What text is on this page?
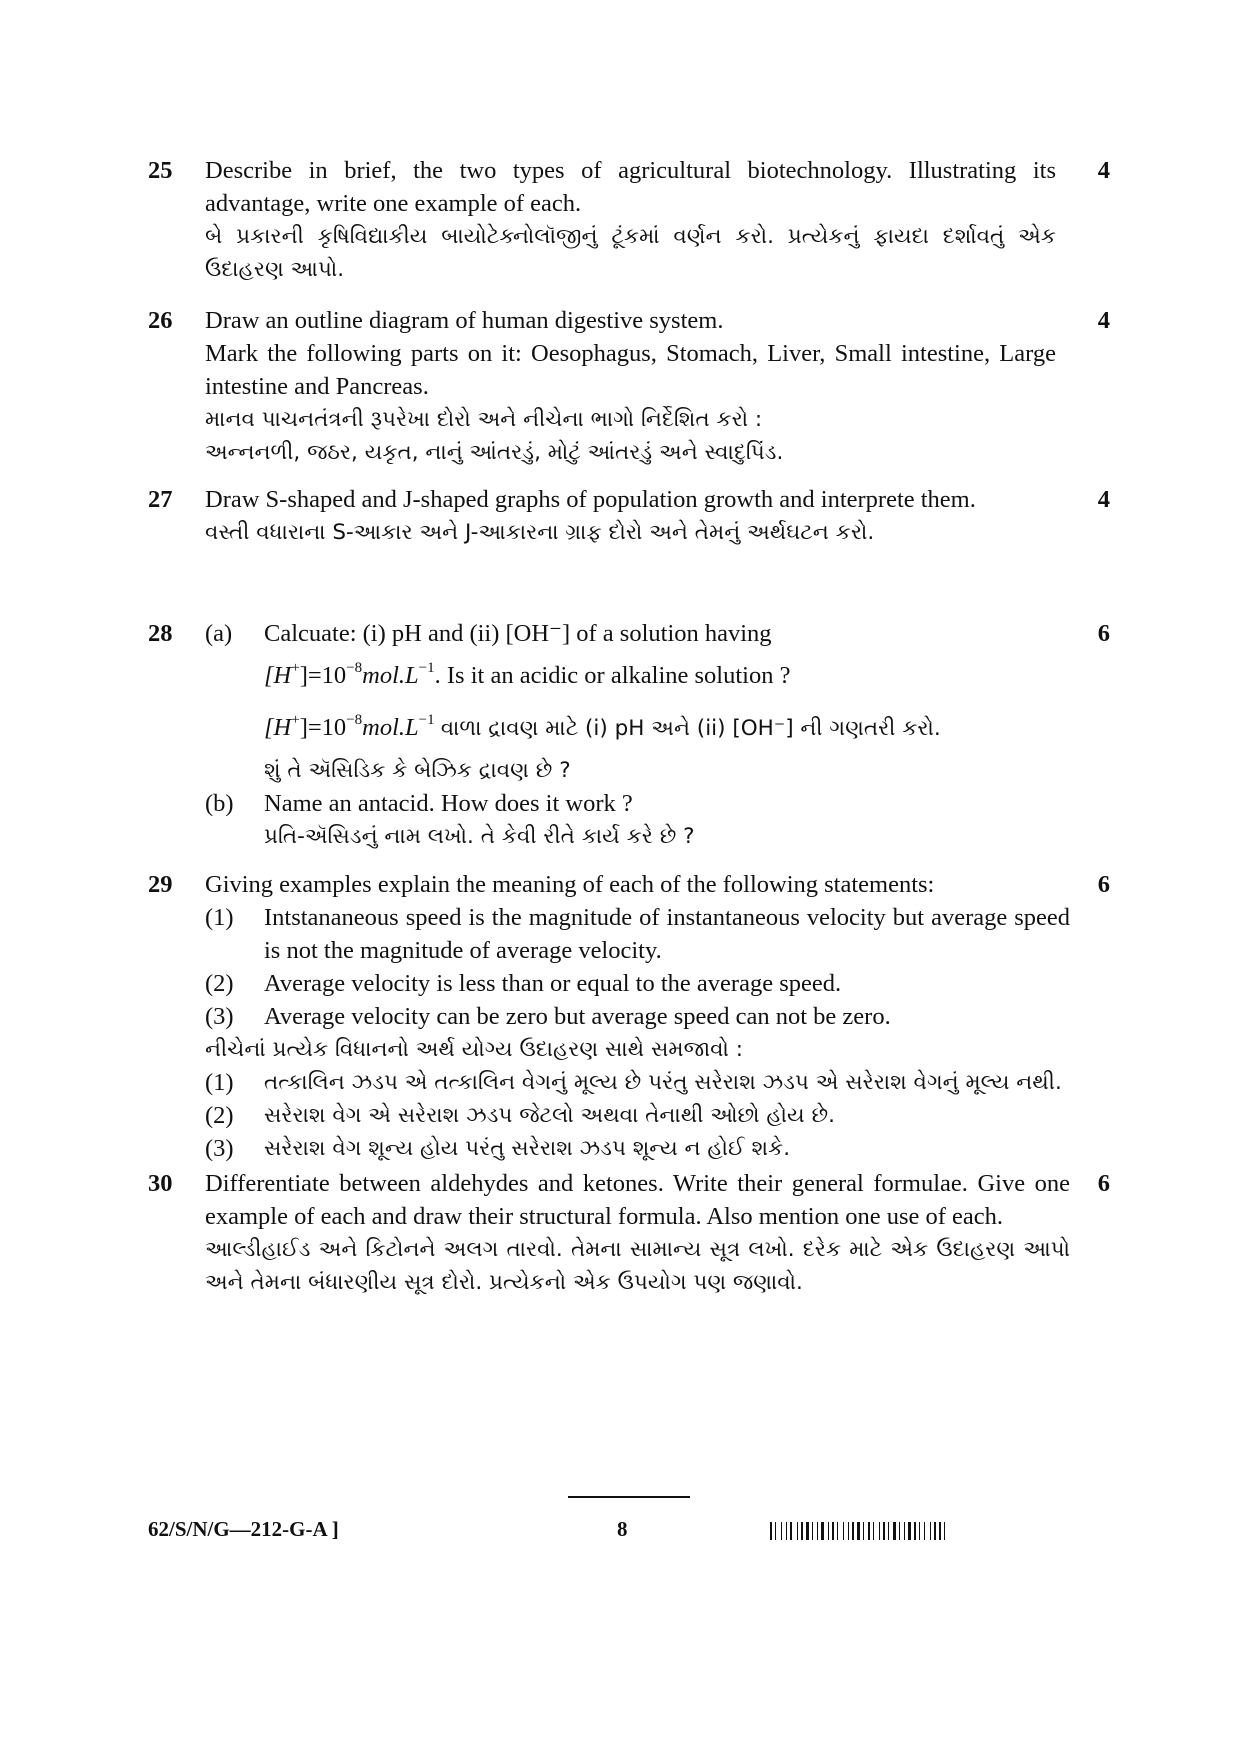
25	4
Describe in brief, the two types of agricultural biotechnology. Illustrating its advantage, write one example of each.
બે પ્રકારની કૃષિવિદ્યાકીય બાયોટેક્નોલૉજીનું ટૂંકમાં વર્ણન કરો. પ્રત્યેકનું ફાયદા દર્શાવતું એક ઉદાહરણ આપો.
26	4
Draw an outline diagram of human digestive system.
Mark the following parts on it: Oesophagus, Stomach, Liver, Small intestine, Large intestine and Pancreas.
માનવ પાચનતંત્રની રૂપરેખા દોરો અને નીચેના ભાગો નિર્દેશિત કરો :
અન્નનળી, જઠર, યકૃત, નાનું આંતરડું, મોટું આંતરડું અને સ્વાદુપિંડ.
27	4
Draw S-shaped and J-shaped graphs of population growth and interprete them.
વસ્તી વધારાના S-આકાર અને J-આકારના ગ્રાફ દોરો અને તેમનું અર્થઘટન કરો.
28	6
(a)	Calcuate: (i) pH and (ii) [OH⁻] of a solution having
$[H^+]=10^{-8}mol.L^{-1}$. Is it an acidic or alkaline solution ?
$[H^+]=10^{-8}mol.L^{-1}$ વાળા દ્રાવણ માટે (i) pH અને (ii) [OH⁻] ની ગણતરી કરો.
શું તે ઍસિડિક કે બેઝિક દ્રાવણ છે ?
(b)	Name an antacid. How does it work ?
પ્રતિ-ઍસિડનું નામ લખો. તે કેવી રીતે કાર્ય કરે છે ?
29	6
Giving examples explain the meaning of each of the following statements:
(1)	Intstananeous speed is the magnitude of instantaneous velocity but average speed is not the magnitude of average velocity.
(2)	Average velocity is less than or equal to the average speed.
(3)	Average velocity can be zero but average speed can not be zero.
નીચેનાં પ્રત્યેક વિધાનનો અર્થ યોગ્ય ઉદાહરણ સાથે સમજાવો :
(1)	તત્કાલિન ઝડપ એ તત્કાલિન વેગનું મૂલ્ય છે પરંતુ સરેરાશ ઝડપ એ સરેરાશ વેગનું મૂલ્ય નથી.
(2)	સરેરાશ વેગ એ સરેરાશ ઝડપ જેટલો અથવા તેનાથી ઓછો હોય છે.
(3)	સરેરાશ વેગ શૂન્ય હોય પરંતુ સરેરાશ ઝડપ શૂન્ય ન હોઈ શકે.
30	6
Differentiate between aldehydes and ketones. Write their general formulae. Give one example of each and draw their structural formula. Also mention one use of each.
આલ્ડીહાઈડ અને કિટોનને અલગ તારવો. તેમના સામાન્ય સૂત્ર લખો. દરેક માટે એક ઉદાહરણ આપો અને તેમના બંધારણીય સૂત્ર દોરો. પ્રત્યેકનો એક ઉપયોગ પણ જણાવો.
62/S/N/G—212-G-A ]	8
